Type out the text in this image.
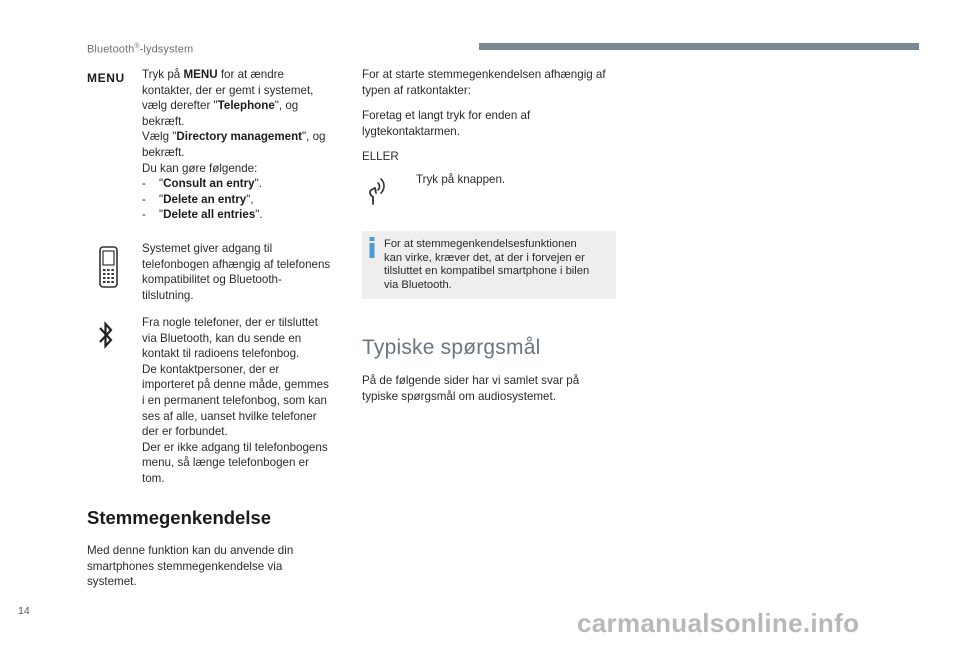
Bluetooth®-lydsystem
MENU Tryk på MENU for at ændre

kontakter, der er gemt i systemet,

vælg derefter "Telephone", og

bekræft.

Vælg "Directory management", og

bekræft.

Du kan gøre følgende:

-	"Consult an entry".
-	"Delete an entry",
-	"Delete all entries".

Systemet giver adgang til

telefonbogen afhængig af telefonens

kompatibilitet og Bluetooth-

tilslutning.

Fra nogle telefoner, der er tilsluttet

via Bluetooth, kan du sende en

kontakt til radioens telefonbog.

De kontaktpersoner, der er

importeret på denne måde, gemmes

i en permanent telefonbog, som kan

ses af alle, uanset hvilke telefoner

der er forbundet.

Der er ikke adgang til telefonbogens

menu, så længe telefonbogen er

tom.

Stemmegenkendelse

Med denne funktion kan du anvende din

smartphones stemmegenkendelse via

systemet.

For at starte stemmegenkendelsen afhængig af

typen af ratkontakter:

Foretag et langt tryk for enden af

lygtekontaktarmen.

ELLER
Tryk på knappen.

For at stemmegenkendelsesfunktionen

kan virke, kræver det, at der i forvejen er

tilsluttet en kompatibel smartphone i bilen

via Bluetooth.

Typiske spørgsmål

På de følgende sider har vi samlet svar på

typiske spørgsmål om audiosystemet.

14	carmanualsonline.info
